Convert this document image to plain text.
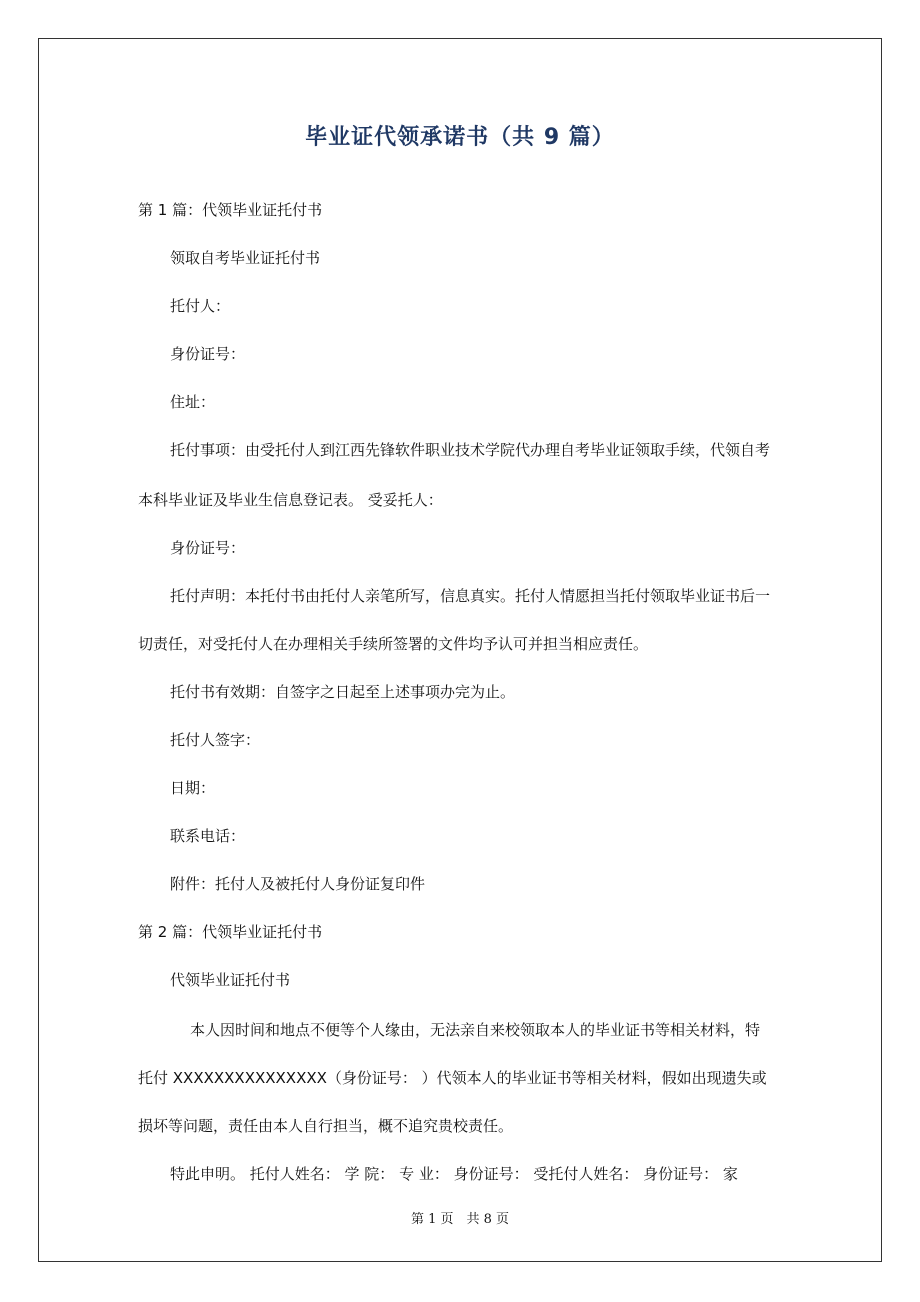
毕业证代领承诺书（共 9 篇）

第 1 篇：代领毕业证托付书

领取自考毕业证托付书

托付人：

身份证号：

住址：

托付事项：由受托付人到江西先锋软件职业技术学院代办理自考毕业证领取手续，代领自考

本科毕业证及毕业生信息登记表。 受妥托人：

身份证号：

托付声明：本托付书由托付人亲笔所写，信息真实。托付人情愿担当托付领取毕业证书后一

切责任，对受托付人在办理相关手续所签署的文件均予认可并担当相应责任。

托付书有效期：自签字之日起至上述事项办完为止。

托付人签字：

日期：

联系电话：

附件：托付人及被托付人身份证复印件

第 2 篇：代领毕业证托付书

代领毕业证托付书

本人因时间和地点不便等个人缘由，无法亲自来校领取本人的毕业证书等相关材料，特

托付 XXXXXXXXXXXXXXX（身份证号： ）代领本人的毕业证书等相关材料，假如出现遗失或

损坏等问题，责任由本人自行担当，概不追究贵校责任。

特此申明。 托付人姓名： 学 院： 专 业： 身份证号： 受托付人姓名： 身份证号： 家

第 1 页　共 8 页
